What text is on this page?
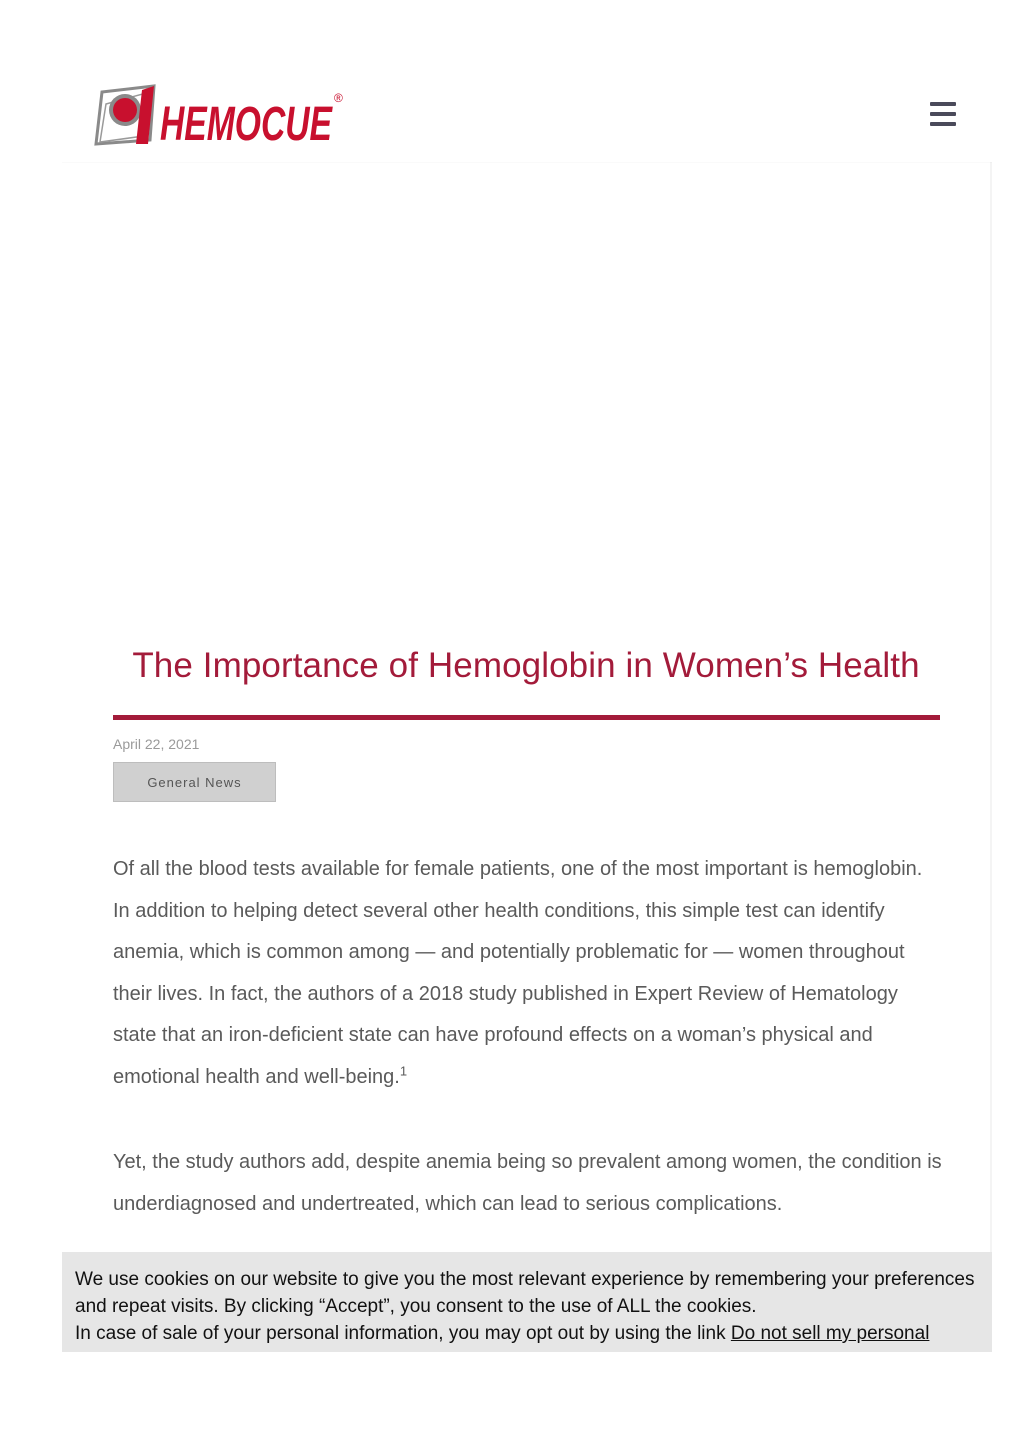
HEMOCUE ®
The Importance of Hemoglobin in Women’s Health
April 22, 2021
General News

Of all the blood tests available for female patients, one of the most important is hemoglobin. In addition to helping detect several other health conditions, this simple test can identify anemia, which is common among — and potentially problematic for — women throughout their lives. In fact, the authors of a 2018 study published in Expert Review of Hematology state that an iron-deficient state can have profound effects on a woman’s physical and emotional health and well-being.$^1$

Yet, the study authors add, despite anemia being so prevalent among women, the condition is underdiagnosed and undertreated, which can lead to serious complications.

We use cookies on our website to give you the most relevant experience by remembering your preferences and repeat visits. By clicking “Accept”, you consent to the use of ALL the cookies.
In case of sale of your personal information, you may opt out by using the link Do not sell my personal
